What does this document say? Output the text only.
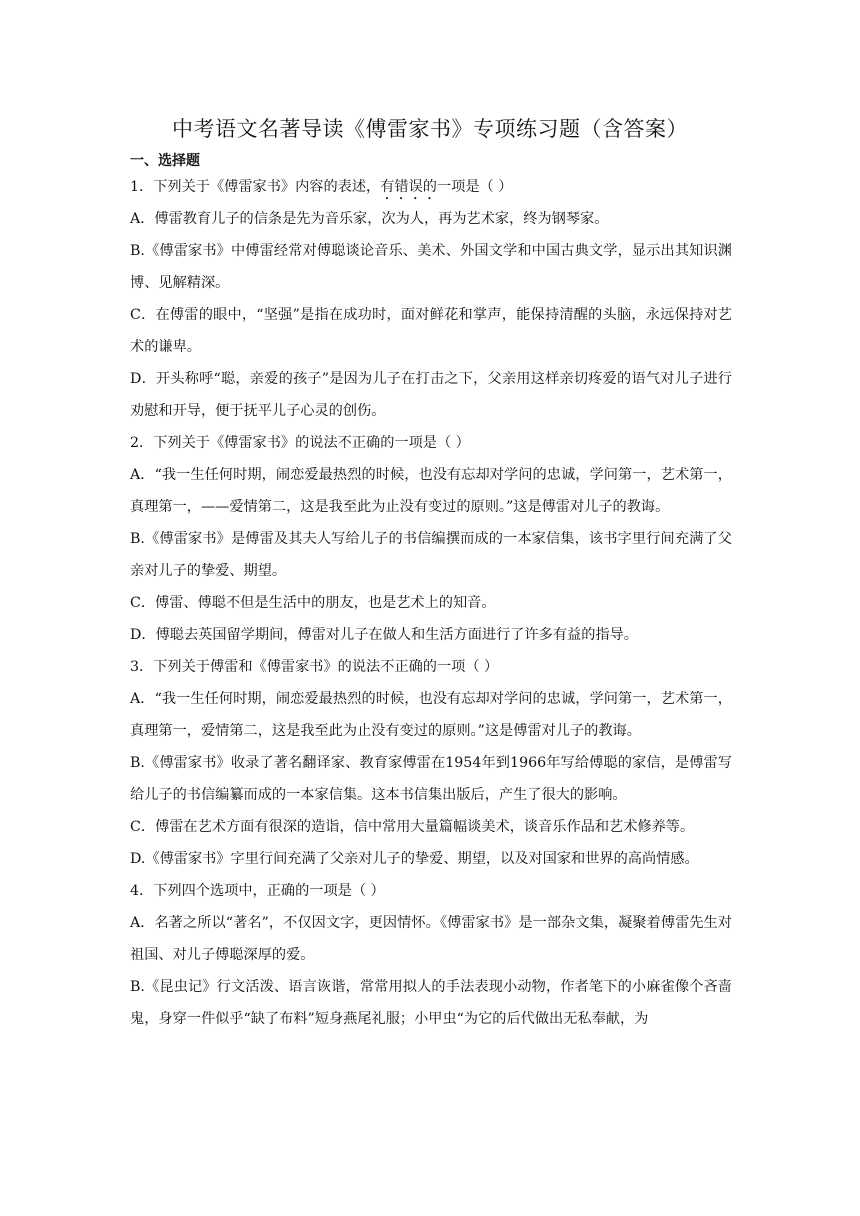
中考语文名著导读《傅雷家书》专项练习题（含答案）
一、选择题

1．下列关于《傅雷家书》内容的表述，有错误的一项是（ ）

A．傅雷教育儿子的信条是先为音乐家，次为人，再为艺术家，终为钢琴家。

B.《傅雷家书》中傅雷经常对傅聪谈论音乐、美术、外国文学和中国古典文学，显示出其知识渊博、见解精深。

C．在傅雷的眼中，“坚强”是指在成功时，面对鲜花和掌声，能保持清醒的头脑，永远保持对艺术的谦卑。

D．开头称呼“聪，亲爱的孩子”是因为儿子在打击之下，父亲用这样亲切疼爱的语气对儿子进行劝慰和开导，便于抚平儿子心灵的创伤。

2．下列关于《傅雷家书》的说法不正确的一项是（ ）

A．“我一生任何时期，闹恋爱最热烈的时候，也没有忘却对学问的忠诚，学问第一，艺术第一，真理第一，——爱情第二，这是我至此为止没有变过的原则。”这是傅雷对儿子的教诲。

B.《傅雷家书》是傅雷及其夫人写给儿子的书信编撰而成的一本家信集，该书字里行间充满了父亲对儿子的挚爱、期望。

C．傅雷、傅聪不但是生活中的朋友，也是艺术上的知音。

D．傅聪去英国留学期间，傅雷对儿子在做人和生活方面进行了许多有益的指导。

3．下列关于傅雷和《傅雷家书》的说法不正确的一项（ ）

A．“我一生任何时期，闹恋爱最热烈的时候，也没有忘却对学问的忠诚，学问第一，艺术第一，真理第一，爱情第二，这是我至此为止没有变过的原则。”这是傅雷对儿子的教诲。

B.《傅雷家书》收录了著名翻译家、教育家傅雷在1954年到1966年写给傅聪的家信，是傅雷写给儿子的书信编纂而成的一本家信集。这本书信集出版后，产生了很大的影响。

C．傅雷在艺术方面有很深的造诣，信中常用大量篇幅谈美术，谈音乐作品和艺术修养等。

D.《傅雷家书》字里行间充满了父亲对儿子的挚爱、期望，以及对国家和世界的高尚情感。

4．下列四个选项中，正确的一项是（ ）

A．名著之所以“著名”，不仅因文字，更因情怀。《傅雷家书》是一部杂文集，凝聚着傅雷先生对祖国、对儿子傅聪深厚的爱。

B.《昆虫记》行文活泼、语言诙谐，常常用拟人的手法表现小动物，作者笔下的小麻雀像个吝啬鬼，身穿一件似乎“缺了布料”短身燕尾礼服；小甲虫“为它的后代做出无私奉献，为
